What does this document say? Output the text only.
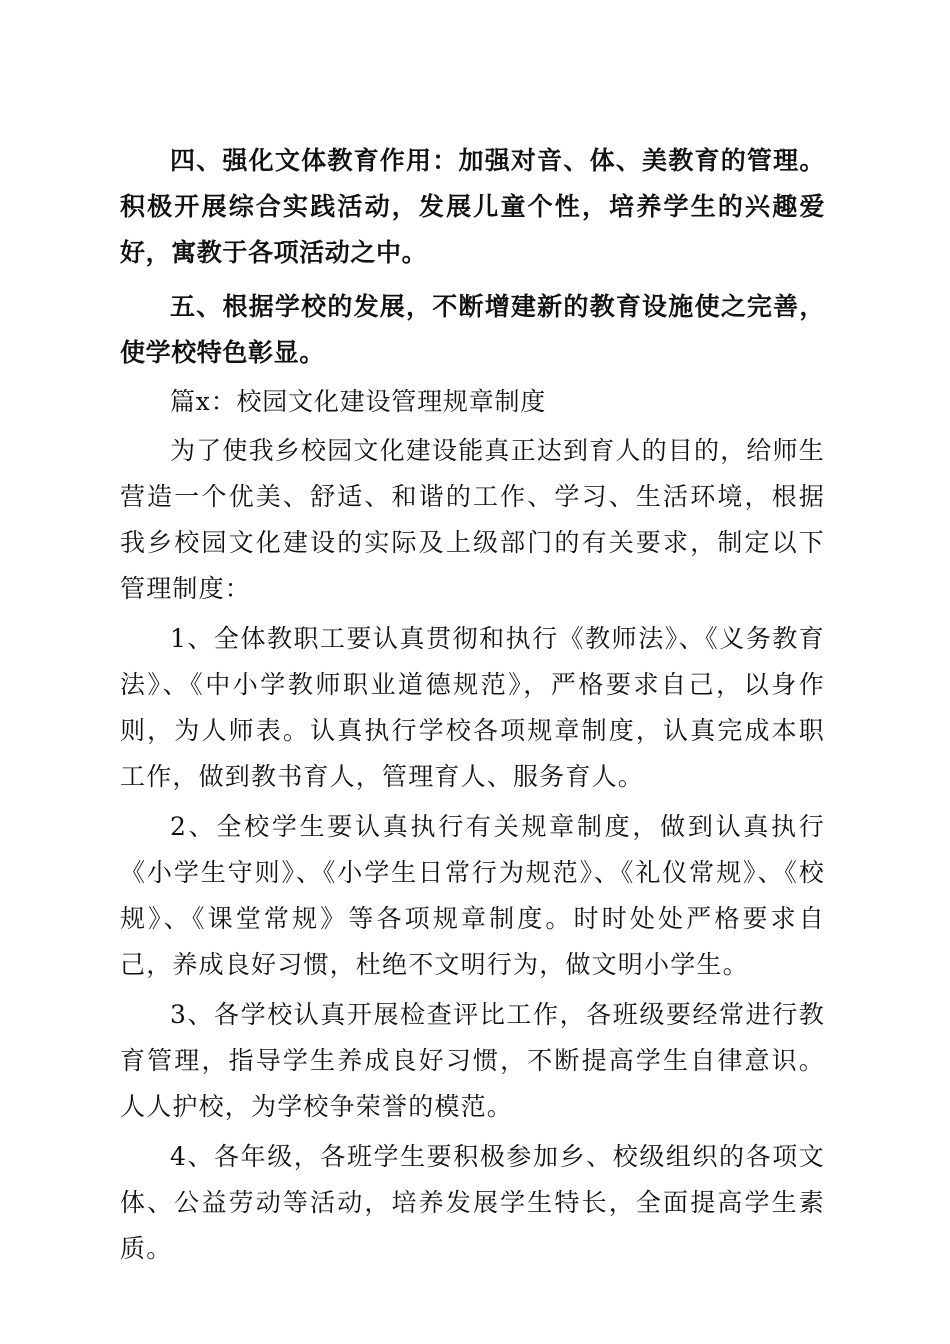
四、强化文体教育作用：加强对音、体、美教育的管理。积极开展综合实践活动，发展儿童个性，培养学生的兴趣爱好，寓教于各项活动之中。

五、根据学校的发展，不断增建新的教育设施使之完善，使学校特色彰显。

篇x：校园文化建设管理规章制度

为了使我乡校园文化建设能真正达到育人的目的，给师生营造一个优美、舒适、和谐的工作、学习、生活环境，根据我乡校园文化建设的实际及上级部门的有关要求，制定以下管理制度：

1、全体教职工要认真贯彻和执行《教师法》、《义务教育法》、《中小学教师职业道德规范》，严格要求自己，以身作则，为人师表。认真执行学校各项规章制度，认真完成本职工作，做到教书育人，管理育人、服务育人。

2、全校学生要认真执行有关规章制度，做到认真执行《小学生守则》、《小学生日常行为规范》、《礼仪常规》、《校规》、《课堂常规》等各项规章制度。时时处处严格要求自己，养成良好习惯，杜绝不文明行为，做文明小学生。

3、各学校认真开展检查评比工作，各班级要经常进行教育管理，指导学生养成良好习惯，不断提高学生自律意识。人人护校，为学校争荣誉的模范。

4、各年级，各班学生要积极参加乡、校级组织的各项文体、公益劳动等活动，培养发展学生特长，全面提高学生素质。
